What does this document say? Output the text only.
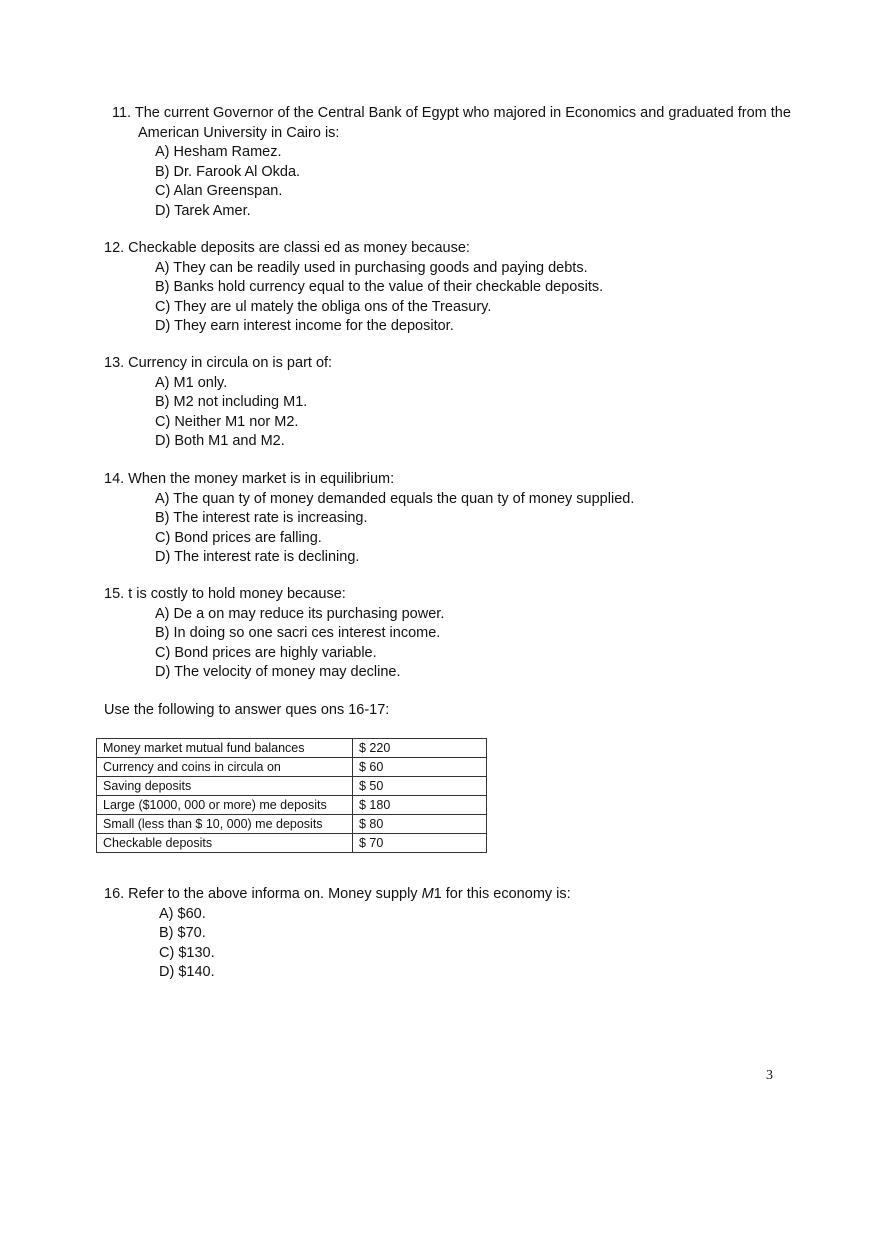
11. The current Governor of the Central Bank of Egypt who majored in Economics and graduated from the American University in Cairo is:

A) Hesham Ramez.
B) Dr. Farook Al Okda.
C) Alan Greenspan.
D) Tarek Amer.

12. Checkable deposits are classi ed as money because:

A) They can be readily used in purchasing goods and paying debts.
B) Banks hold currency equal to the value of their checkable deposits.
C) They are ul mately the obliga ons of the Treasury.
D) They earn interest income for the depositor.

13. Currency in circula on is part of:

A) M1 only.
B) M2 not including M1.
C) Neither M1 nor M2.
D) Both M1 and M2.

14. When the money market is in equilibrium:

A) The quan ty of money demanded equals the quan ty of money supplied.
B) The interest rate is increasing.
C) Bond prices are falling.
D) The interest rate is declining.

15. t is costly to hold money because:

A) De a on may reduce its purchasing power.
B) In doing so one sacri ces interest income.
C) Bond prices are highly variable.
D) The velocity of money may decline.
Use the following to answer ques ons 16-17:
Money market mutual fund balances	$ 220
Currency and coins in circula on	$ 60
Saving deposits	$ 50
Large ($1000, 000 or more) me deposits	$ 180
Small (less than $ 10, 000) me deposits	$ 80
Checkable deposits	$ 70

16. Refer to the above informa on. Money supply M1 for this economy is:

A) $60.
B) $70.
C) $130.
D) $140.
3
